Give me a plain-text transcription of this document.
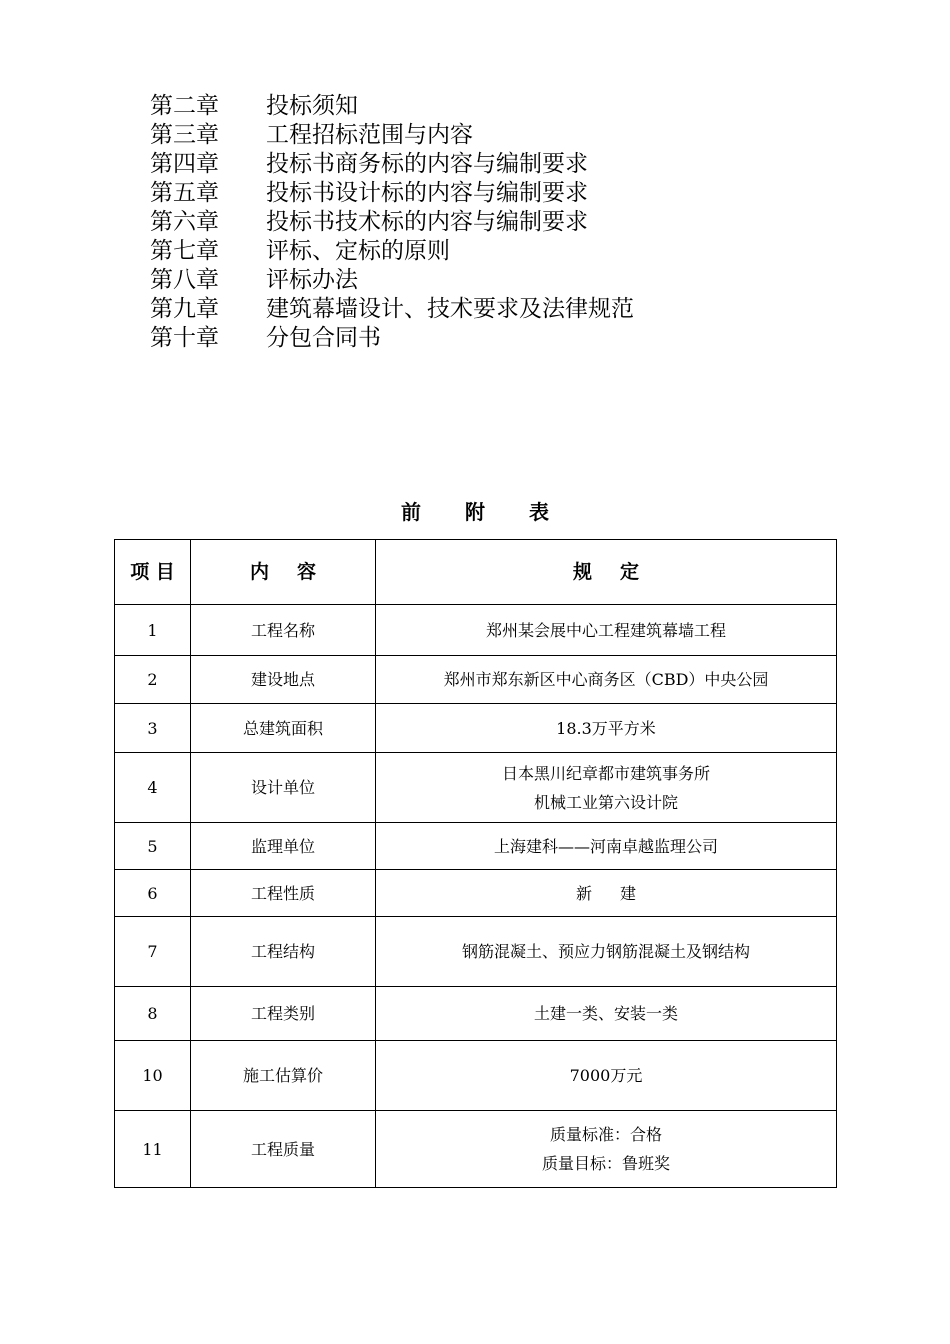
第二章	投标须知
第三章	工程招标范围与内容
第四章	投标书商务标的内容与编制要求
第五章	投标书设计标的内容与编制要求
第六章	投标书技术标的内容与编制要求
第七章	评标、定标的原则
第八章	评标办法
第九章	建筑幕墙设计、技术要求及法律规范
第十章	分包合同书
前 附 表
项 目	内 容	规 定
1	工程名称	郑州某会展中心工程建筑幕墙工程

2	建设地点	郑州市郑东新区中心商务区（CBD）中央公园

3	总建筑面积	18.3万平方米

4	设计单位	日本黑川纪章都市建筑事务所
机械工业第六设计院

5	监理单位	上海建科——河南卓越监理公司

6	工程性质	新 建
7	工程结构	钢筋混凝土、预应力钢筋混凝土及钢结构

8	工程类别	土建一类、安装一类

10	施工估算价	7000万元

11	工程质量	质量标准：合格
质量目标：鲁班奖
